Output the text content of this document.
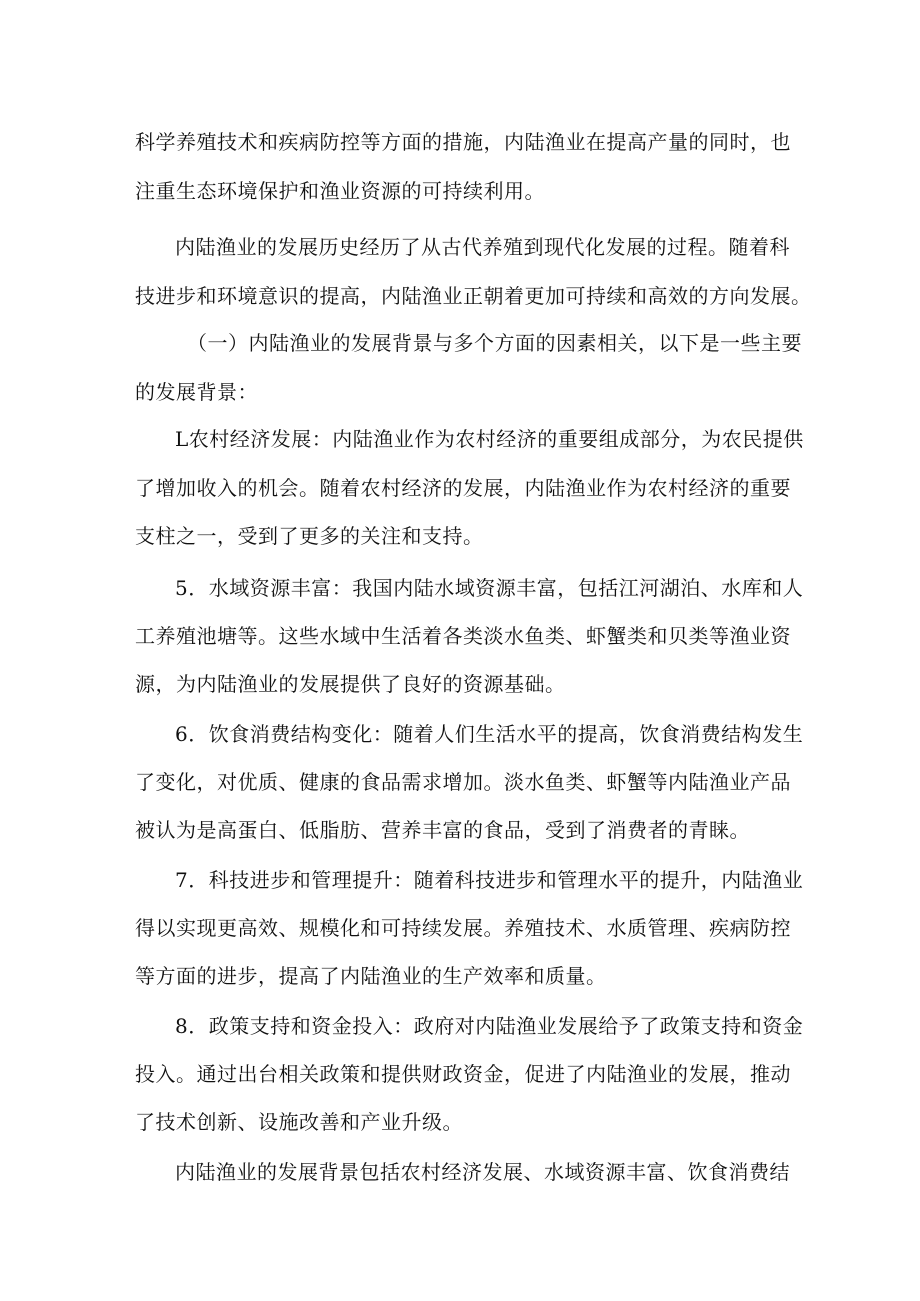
科学养殖技术和疾病防控等方面的措施，内陆渔业在提高产量的同时，也
注重生态环境保护和渔业资源的可持续利用。
内陆渔业的发展历史经历了从古代养殖到现代化发展的过程。随着科
技进步和环境意识的提高，内陆渔业正朝着更加可持续和高效的方向发展。
（一）内陆渔业的发展背景与多个方面的因素相关，以下是一些主要
的发展背景：
L农村经济发展：内陆渔业作为农村经济的重要组成部分，为农民提供
了增加收入的机会。随着农村经济的发展，内陆渔业作为农村经济的重要
支柱之一，受到了更多的关注和支持。
5．水域资源丰富：我国内陆水域资源丰富，包括江河湖泊、水库和人
工养殖池塘等。这些水域中生活着各类淡水鱼类、虾蟹类和贝类等渔业资
源，为内陆渔业的发展提供了良好的资源基础。
6．饮食消费结构变化：随着人们生活水平的提高，饮食消费结构发生
了变化，对优质、健康的食品需求增加。淡水鱼类、虾蟹等内陆渔业产品
被认为是高蛋白、低脂肪、营养丰富的食品，受到了消费者的青睐。
7．科技进步和管理提升：随着科技进步和管理水平的提升，内陆渔业
得以实现更高效、规模化和可持续发展。养殖技术、水质管理、疾病防控
等方面的进步，提高了内陆渔业的生产效率和质量。
8．政策支持和资金投入：政府对内陆渔业发展给予了政策支持和资金
投入。通过出台相关政策和提供财政资金，促进了内陆渔业的发展，推动
了技术创新、设施改善和产业升级。
内陆渔业的发展背景包括农村经济发展、水域资源丰富、饮食消费结
